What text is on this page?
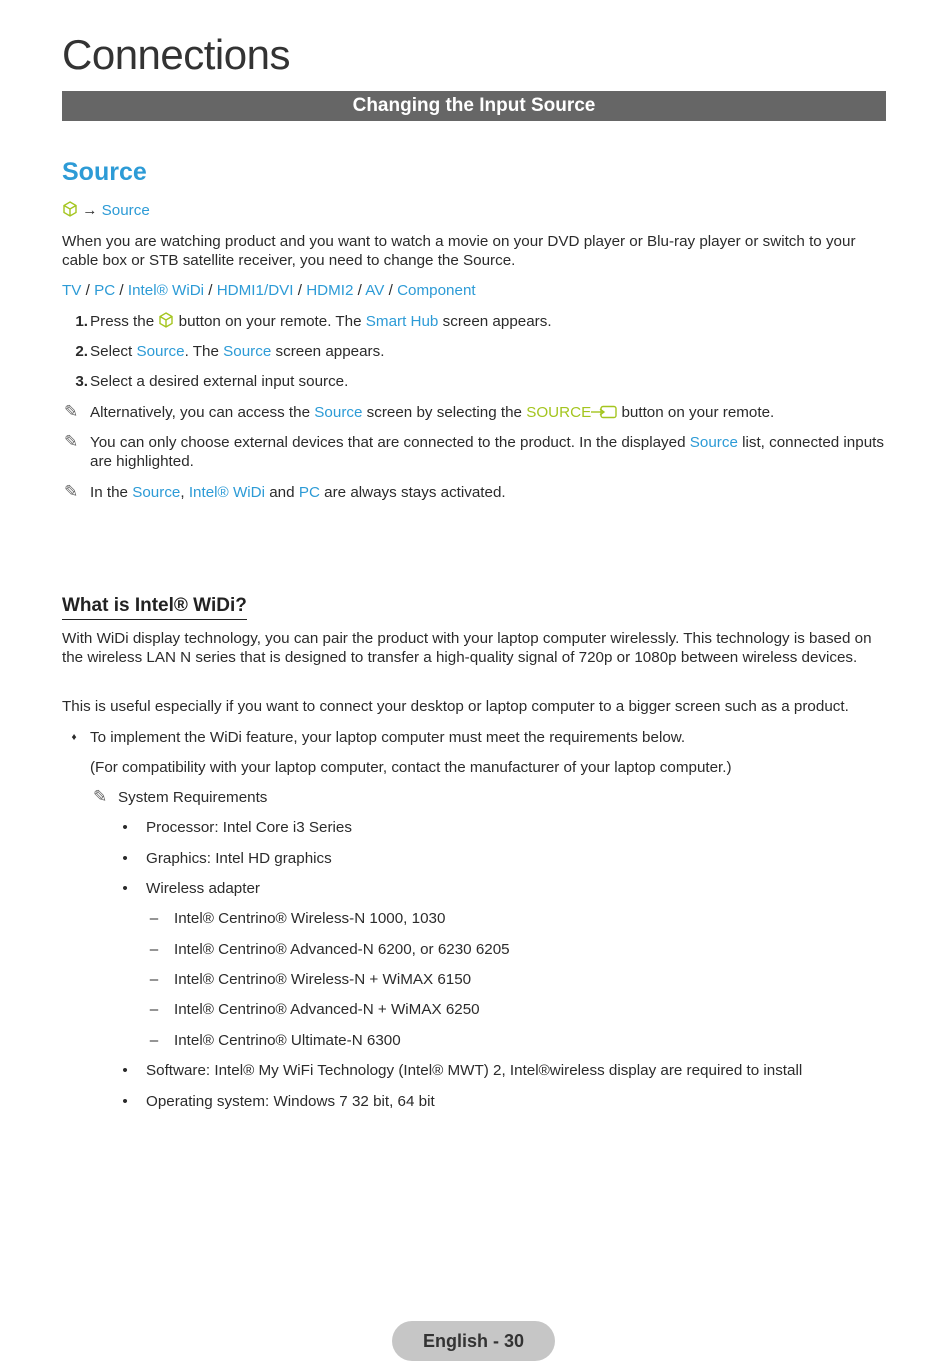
Connections
Changing the Input Source
Source
→ Source

When you are watching product and you want to watch a movie on your DVD player or Blu-ray player or switch to your cable box or STB satellite receiver, you need to change the Source.

TV / PC / Intel® WiDi / HDMI1/DVI / HDMI2 / AV / Component
1. Press the button on your remote. The Smart Hub screen appears.

2. Select Source. The Source screen appears.

3. Select a desired external input source.

✎ Alternatively, you can access the Source screen by selecting the SOURCE button on your remote.

✎ You can only choose external devices that are connected to the product. In the displayed Source list, connected inputs are highlighted.

✎ In the Source, Intel® WiDi and PC are always stays activated.

What is Intel® WiDi?

With WiDi display technology, you can pair the product with your laptop computer wirelessly. This technology is based on the wireless LAN N series that is designed to transfer a high-quality signal of 720p or 1080p between wireless devices.

This is useful especially if you want to connect your desktop or laptop computer to a bigger screen such as a product.

♦ To implement the WiDi feature, your laptop computer must meet the requirements below.

(For compatibility with your laptop computer, contact the manufacturer of your laptop computer.)

✎ System Requirements

• Processor: Intel Core i3 Series

• Graphics: Intel HD graphics

• Wireless adapter

– Intel® Centrino® Wireless-N 1000, 1030

– Intel® Centrino® Advanced-N 6200, or 6230 6205

– Intel® Centrino® Wireless-N + WiMAX 6150

– Intel® Centrino® Advanced-N + WiMAX 6250

– Intel® Centrino® Ultimate-N 6300

• Software: Intel® My WiFi Technology (Intel® MWT) 2, Intel®wireless display are required to install

• Operating system: Windows 7 32 bit, 64 bit

English - 30
